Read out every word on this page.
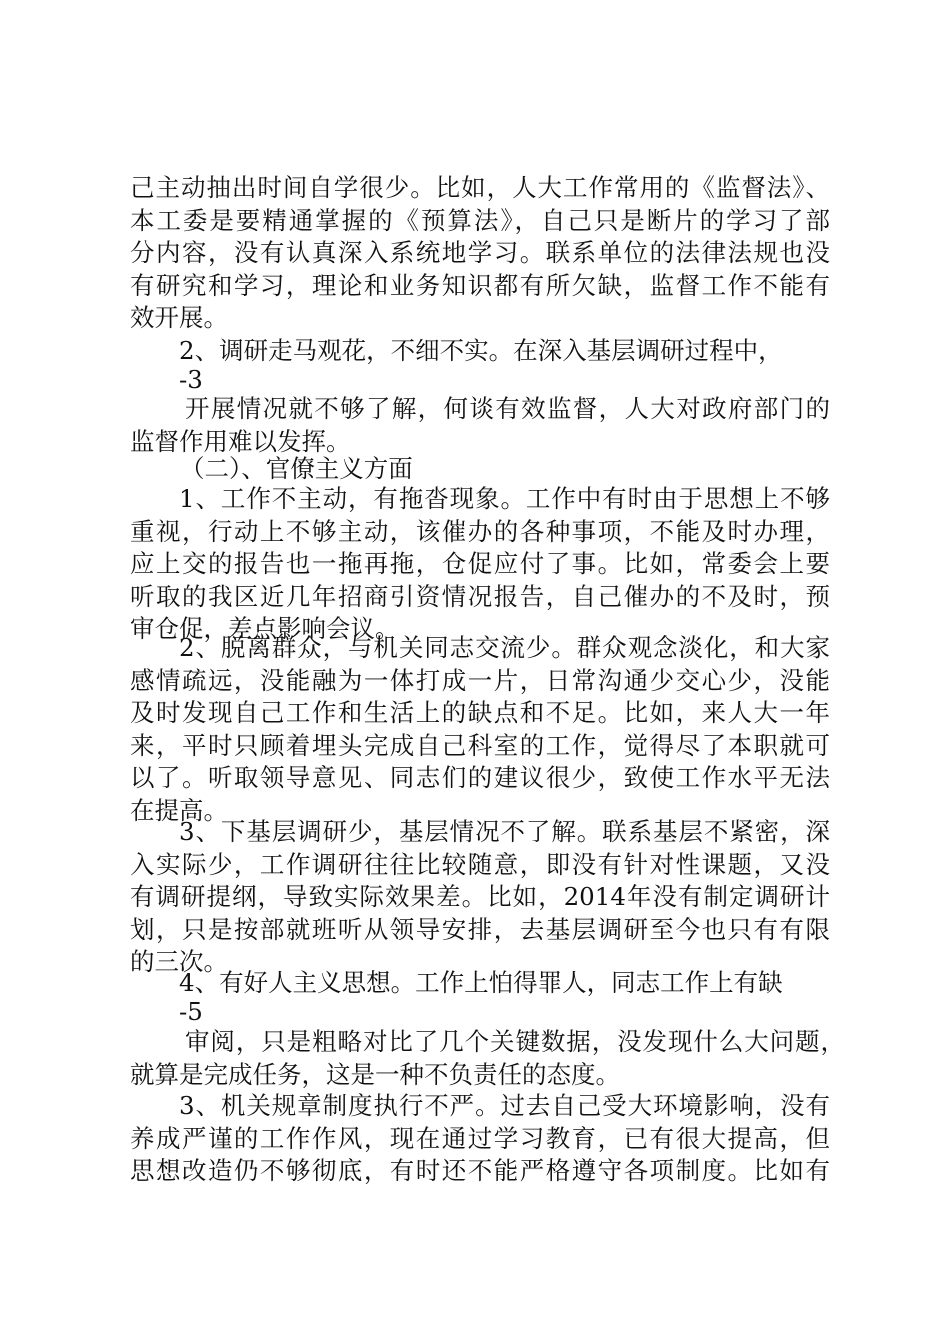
己主动抽出时间自学很少。比如，人大工作常用的《监督法》、
本工委是要精通掌握的《预算法》，自己只是断片的学习了部
分内容，没有认真深入系统地学习。联系单位的法律法规也没
有研究和学习，理论和业务知识都有所欠缺，监督工作不能有
效开展。
2、调研走马观花，不细不实。在深入基层调研过程中，
-3
开展情况就不够了解，何谈有效监督，人大对政府部门的
监督作用难以发挥。
（二）、官僚主义方面
1、工作不主动，有拖沓现象。工作中有时由于思想上不够
重视，行动上不够主动，该催办的各种事项，不能及时办理，
应上交的报告也一拖再拖，仓促应付了事。比如，常委会上要
听取的我区近几年招商引资情况报告，自己催办的不及时，预
审仓促，差点影响会议。
2、脱离群众，与机关同志交流少。群众观念淡化，和大家
感情疏远，没能融为一体打成一片，日常沟通少交心少，没能
及时发现自己工作和生活上的缺点和不足。比如，来人大一年
来，平时只顾着埋头完成自己科室的工作，觉得尽了本职就可
以了。听取领导意见、同志们的建议很少，致使工作水平无法
在提高。
3、下基层调研少，基层情况不了解。联系基层不紧密，深
入实际少，工作调研往往比较随意，即没有针对性课题，又没
有调研提纲，导致实际效果差。比如，2014年没有制定调研计
划，只是按部就班听从领导安排，去基层调研至今也只有有限
的三次。
4、有好人主义思想。工作上怕得罪人，同志工作上有缺
-5
审阅，只是粗略对比了几个关键数据，没发现什么大问题，
就算是完成任务，这是一种不负责任的态度。
3、机关规章制度执行不严。过去自己受大环境影响，没有
养成严谨的工作作风，现在通过学习教育，已有很大提高，但
思想改造仍不够彻底，有时还不能严格遵守各项制度。比如有
